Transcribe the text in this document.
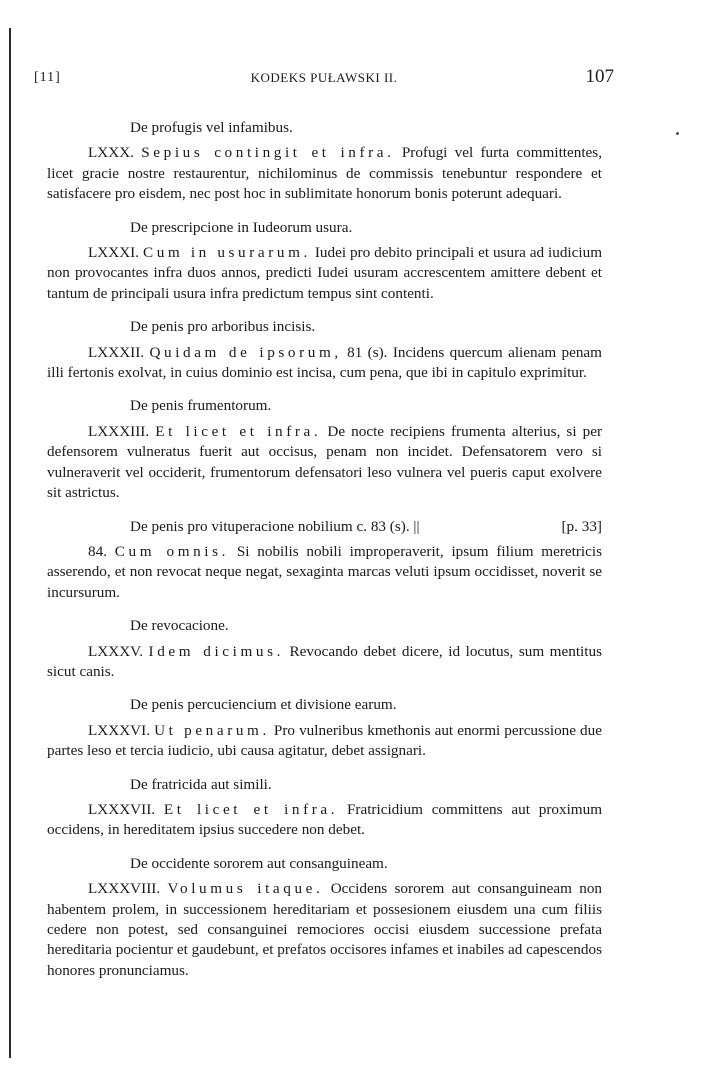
[11]	KODEKS PUŁAWSKI II.	107

De profugis vel infamibus.

LXXX. Sepius contingit et infra. Profugi vel furta committentes, licet gracie nostre restaurentur, nichilominus de commissis tenebuntur respondere et satisfacere pro eisdem, nec post hoc in sublimitate honorum bonis poterunt adequari.

De prescripcione in Iudeorum usura.

LXXXI. Cum in usurarum. Iudei pro debito principali et usura ad iudicium non provocantes infra duos annos, predicti Iudei usuram accrescentem amittere debent et tantum de principali usura infra predictum tempus sint contenti.

De penis pro arboribus incisis.

LXXXII. Quidam de ipsorum, 81 (s). Incidens quercum alienam penam illi fertonis exolvat, in cuius dominio est incisa, cum pena, que ibi in capitulo exprimitur.

De penis frumentorum.

LXXXIII. Et licet et infra. De nocte recipiens frumenta alterius, si per defensorem vulneratus fuerit aut occisus, penam non incidet. Defensatorem vero si vulneraverit vel occiderit, frumentorum defensatori leso vulnera vel pueris caput exolvere sit astrictus.

De penis pro vituperacione nobilium c. 83 (s). ||	[p. 33]

84. Cum omnis. Si nobilis nobili improperaverit, ipsum filium meretricis asserendo, et non revocat neque negat, sexaginta marcas veluti ipsum occidisset, noverit se incursurum.

De revocacione.

LXXXV. Idem dicimus. Revocando debet dicere, id locutus, sum mentitus sicut canis.

De penis percuciencium et divisione earum.

LXXXVI. Ut penarum. Pro vulneribus kmethonis aut enormi percussione due partes leso et tercia iudicio, ubi causa agitatur, debet assignari.

De fratricida aut simili.

LXXXVII. Et licet et infra. Fratricidium committens aut proximum occidens, in hereditatem ipsius succedere non debet.

De occidente sororem aut consanguineam.

LXXXVIII. Volumus itaque. Occidens sororem aut consanguineam non habentem prolem, in successionem hereditariam et possesionem eiusdem una cum filiis cedere non potest, sed consanguinei remociores occisi eiusdem successione prefata hereditaria pocientur et gaudebunt, et prefatos occisores infames et inabiles ad capescendos honores pronunciamus.
